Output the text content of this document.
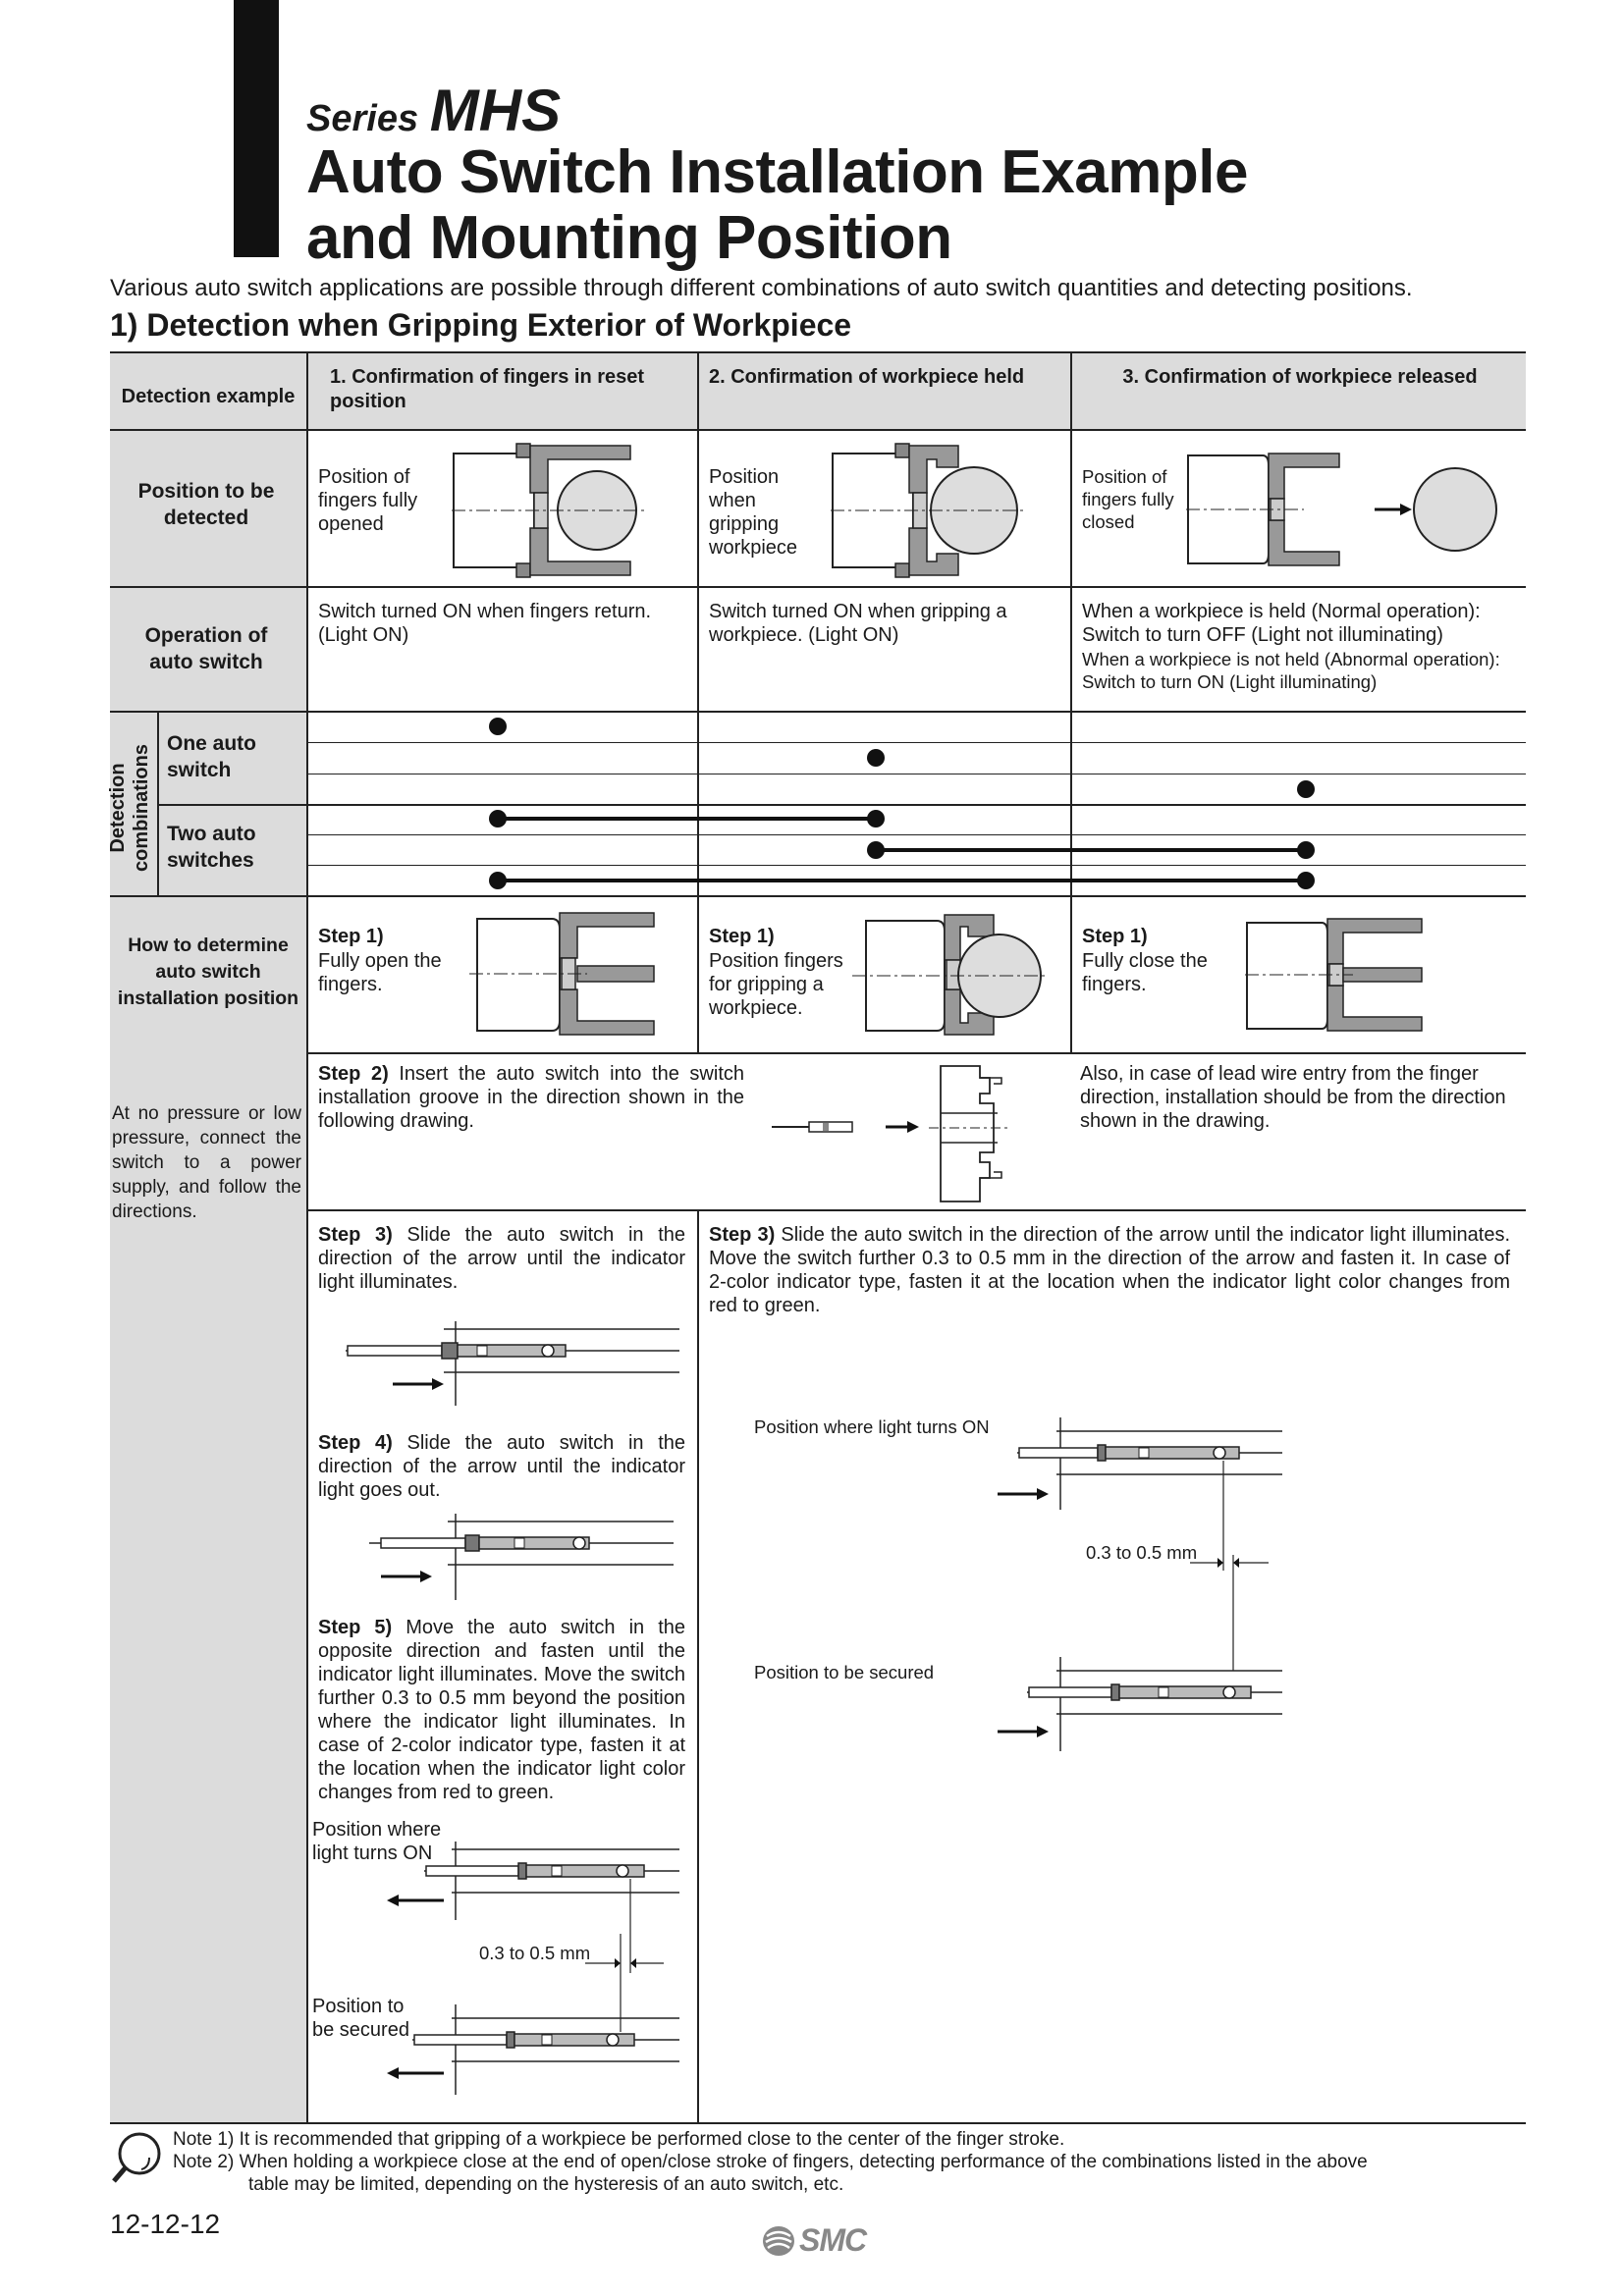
Series MHS
Auto Switch Installation Example
and Mounting Position
Various auto switch applications are possible through different combinations of auto switch quantities and detecting positions.
1) Detection when Gripping Exterior of Workpiece
Detection example
1. Confirmation of fingers in reset position
2. Confirmation of workpiece held	3. Confirmation of workpiece released
Position to be detected
Position of fingers fully opened
Position when gripping workpiece
Position of fingers fully closed
Operation of auto switch
Switch turned ON when fingers return. (Light ON)
Switch turned ON when gripping a workpiece. (Light ON)
When a workpiece is held (Normal operation): Switch to turn OFF (Light not illuminating)
When a workpiece is not held (Abnormal operation): Switch to turn ON (Light illuminating)
Detection combinations
One auto switch
Two auto switches
How to determine auto switch installation position
At no pressure or low pressure, connect the switch to a power supply, and follow the directions.
Step 1)
Fully open the fingers.
Step 1)
Position fingers for gripping a workpiece.
Step 1)
Fully close the fingers.
Step 2) Insert the auto switch into the switch installation groove in the direction shown in the following drawing.
Also, in case of lead wire entry from the finger direction, installation should be from the direction shown in the drawing.
Step 3) Slide the auto switch in the direction of the arrow until the indicator light illuminates.
Step 4) Slide the auto switch in the direction of the arrow until the indicator light goes out.
Step 5) Move the auto switch in the opposite direction and fasten until the indicator light illuminates. Move the switch further 0.3 to 0.5 mm beyond the position where the indicator light illuminates. In case of 2-color indicator type, fasten it at the location when the indicator light color changes from red to green.
Position where light turns ON
0.3 to 0.5 mm
Position to be secured
Step 3) Slide the auto switch in the direction of the arrow until the indicator light illuminates. Move the switch further 0.3 to 0.5 mm in the direction of the arrow and fasten it. In case of 2-color indicator type, fasten it at the location when the indicator light color changes from red to green.
Position where light turns ON
0.3 to 0.5 mm
Position to be secured
Note 1) It is recommended that gripping of a workpiece be performed close to the center of the finger stroke.
Note 2) When holding a workpiece close at the end of open/close stroke of fingers, detecting performance of the combinations listed in the above
table may be limited, depending on the hysteresis of an auto switch, etc.
12-12-12	SMC
